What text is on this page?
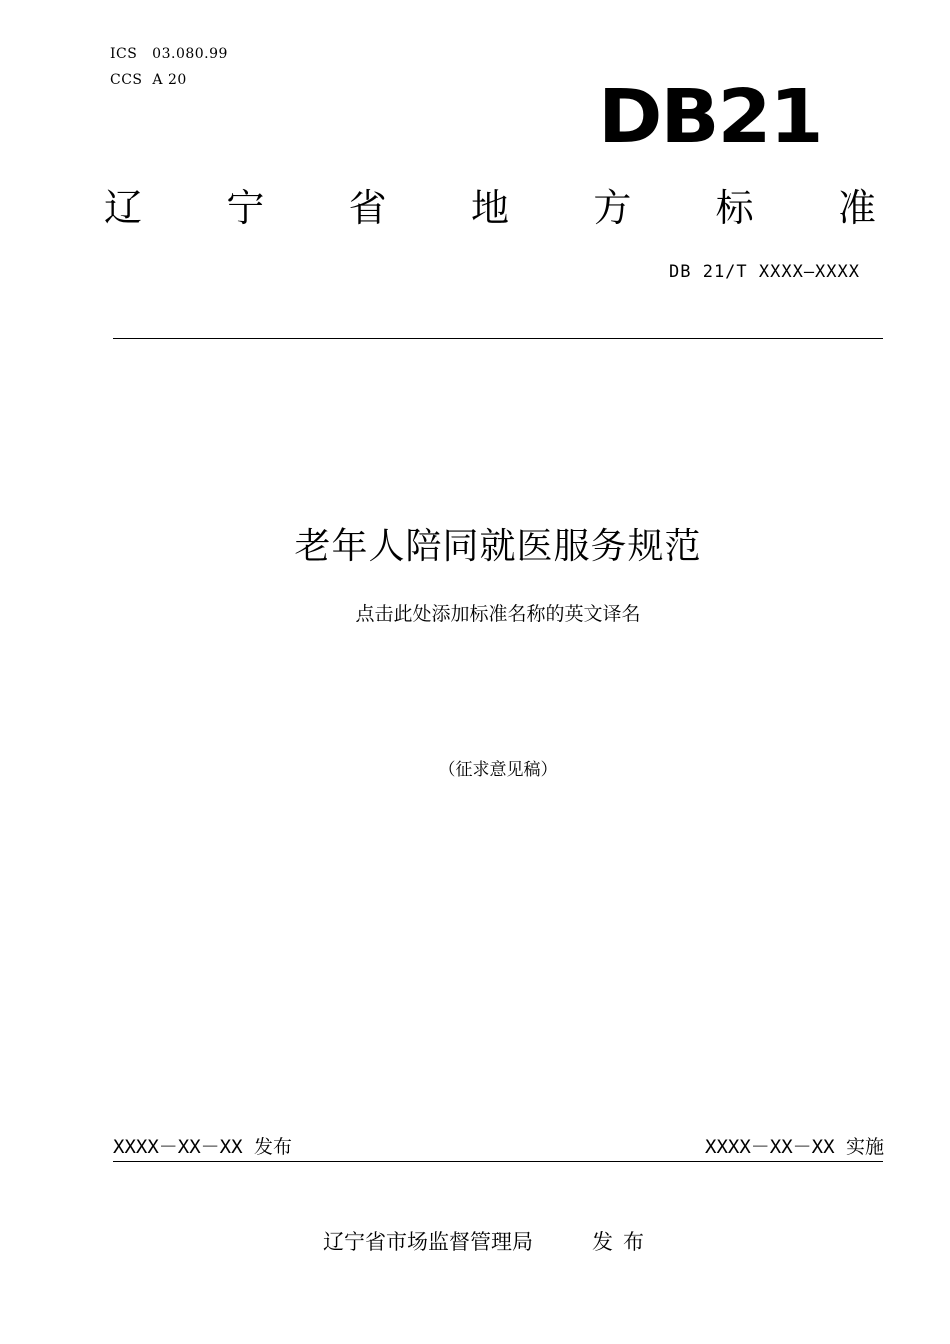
ICS   03.080.99
CCS  A 20	DB21
辽 宁 省 地 方 标 准
DB 21/T XXXX—XXXX
老年人陪同就医服务规范
点击此处添加标准名称的英文译名
（征求意见稿）
XXXX－XX－XX 发布	XXXX－XX－XX 实施
辽宁省市场监督管理局	发布
